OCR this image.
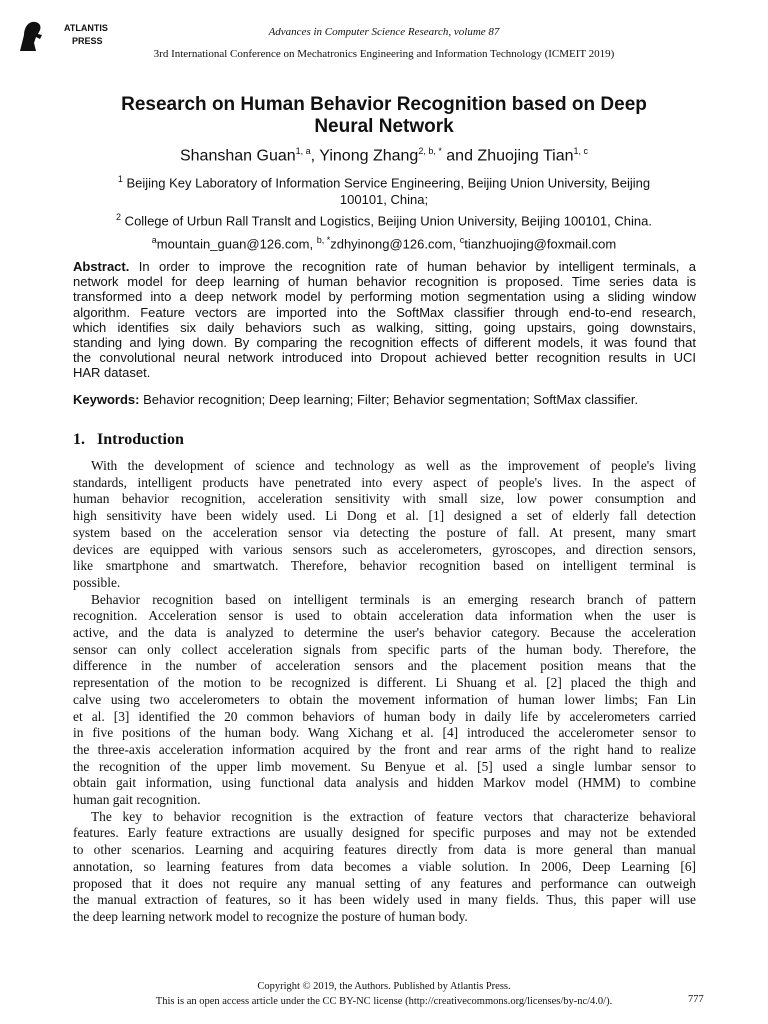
ATLANTIS
PRESS
Advances in Computer Science Research, volume 87
3rd International Conference on Mechatronics Engineering and Information Technology (ICMEIT 2019)
Research on Human Behavior Recognition based on Deep
Neural Network
Shanshan Guan$^{1, a}$, Yinong Zhang$^{2, b, *}$ and Zhuojing Tian$^{1, c}$
$^1$ Beijing Key Laboratory of Information Service Engineering, Beijing Union University, Beijing
100101, China;
$^2$ College of Urbun Rall Translt and Logistics, Beijing Union University, Beijing 100101, China.
$^a$mountain_guan@126.com, $^{b, *}$zdhyinong@126.com, $^c$tianzhuojing@foxmail.com
Abstract. In order to improve the recognition rate of human behavior by intelligent terminals, a
network model for deep learning of human behavior recognition is proposed. Time series data is
transformed into a deep network model by performing motion segmentation using a sliding window
algorithm. Feature vectors are imported into the SoftMax classifier through end-to-end research,
which identifies six daily behaviors such as walking, sitting, going upstairs, going downstairs,
standing and lying down. By comparing the recognition effects of different models, it was found that
the convolutional neural network introduced into Dropout achieved better recognition results in UCI
HAR dataset.
Keywords: Behavior recognition; Deep learning; Filter; Behavior segmentation; SoftMax classifier.
1.   Introduction
With the development of science and technology as well as the improvement of people's living
standards, intelligent products have penetrated into every aspect of people's lives. In the aspect of
human behavior recognition, acceleration sensitivity with small size, low power consumption and
high sensitivity have been widely used. Li Dong et al. [1] designed a set of elderly fall detection
system based on the acceleration sensor via detecting the posture of fall. At present, many smart
devices are equipped with various sensors such as accelerometers, gyroscopes, and direction sensors,
like smartphone and smartwatch. Therefore, behavior recognition based on intelligent terminal is
possible.
Behavior recognition based on intelligent terminals is an emerging research branch of pattern
recognition. Acceleration sensor is used to obtain acceleration data information when the user is
active, and the data is analyzed to determine the user's behavior category. Because the acceleration
sensor can only collect acceleration signals from specific parts of the human body. Therefore, the
difference in the number of acceleration sensors and the placement position means that the
representation of the motion to be recognized is different. Li Shuang et al. [2] placed the thigh and
calve using two accelerometers to obtain the movement information of human lower limbs; Fan Lin
et al. [3] identified the 20 common behaviors of human body in daily life by accelerometers carried
in five positions of the human body. Wang Xichang et al. [4] introduced the accelerometer sensor to
the three-axis acceleration information acquired by the front and rear arms of the right hand to realize
the recognition of the upper limb movement. Su Benyue et al. [5] used a single lumbar sensor to
obtain gait information, using functional data analysis and hidden Markov model (HMM) to combine
human gait recognition.
The key to behavior recognition is the extraction of feature vectors that characterize behavioral
features. Early feature extractions are usually designed for specific purposes and may not be extended
to other scenarios. Learning and acquiring features directly from data is more general than manual
annotation, so learning features from data becomes a viable solution. In 2006, Deep Learning [6]
proposed that it does not require any manual setting of any features and performance can outweigh
the manual extraction of features, so it has been widely used in many fields. Thus, this paper will use
the deep learning network model to recognize the posture of human body.
Copyright © 2019, the Authors. Published by Atlantis Press.
This is an open access article under the CC BY-NC license (http://creativecommons.org/licenses/by-nc/4.0/).	777
